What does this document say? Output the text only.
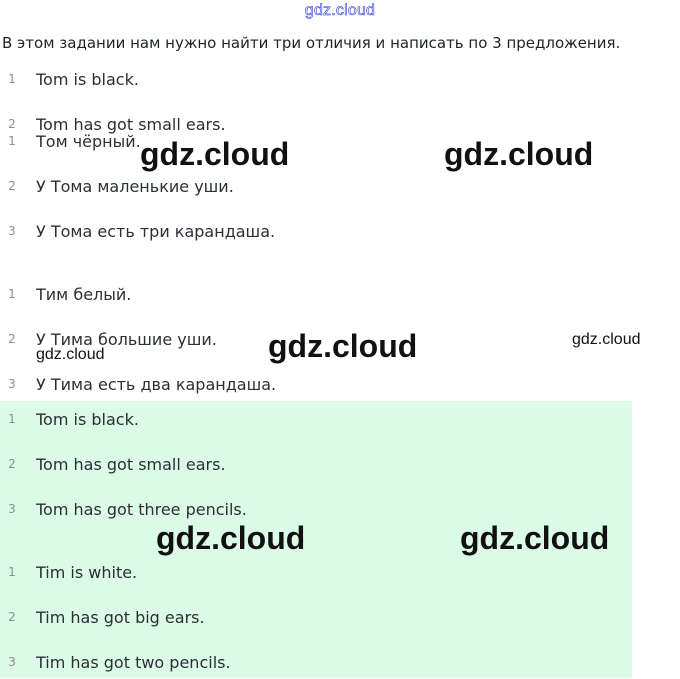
gdz.cloud
В этом задании нам нужно найти три отличия и написать по 3 предложения.
1	Tom is black.
2	Tom has got small ears.
1	Том чёрный.
2	У Тома маленькие уши.
3	У Тома есть три карандаша.
1	Тим белый.
2	У Тима большие уши.
3	У Тима есть два карандаша.
1	Tom is black.
2	Tom has got small ears.
3	Tom has got three pencils.
1	Tim is white.
2	Tim has got big ears.
3	Tim has got two pencils.
gdz.cloud	gdz.cloud
gdz.cloud	gdz.cloud
gdz.cloud
gdz.cloud	gdz.cloud
